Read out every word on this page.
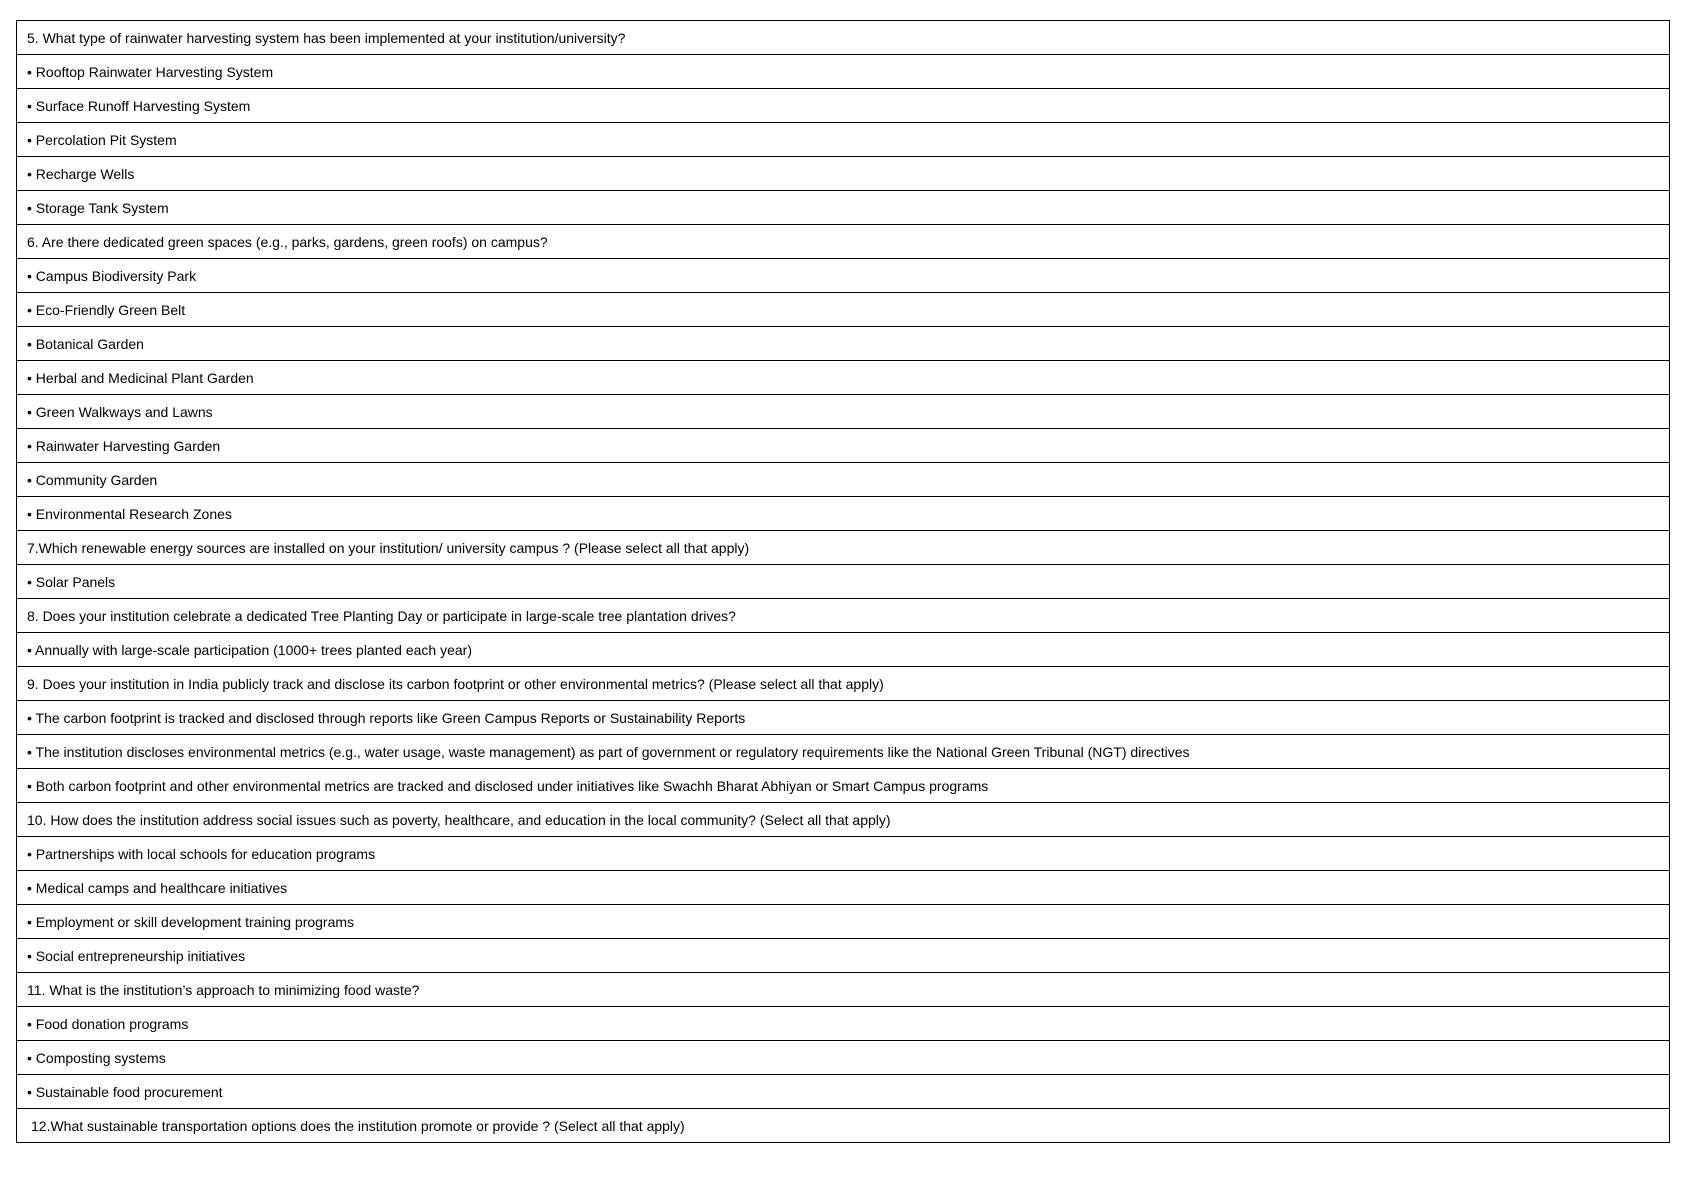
5. What type of rainwater harvesting system has been implemented at your institution/university?
• Rooftop Rainwater Harvesting System
• Surface Runoff Harvesting System
• Percolation Pit System
• Recharge Wells
• Storage Tank System
6. Are there dedicated green spaces (e.g., parks, gardens, green roofs) on campus?
• Campus Biodiversity Park
• Eco-Friendly Green Belt
• Botanical Garden
• Herbal and Medicinal Plant Garden
• Green Walkways and Lawns
• Rainwater Harvesting Garden
• Community Garden
• Environmental Research Zones
7.Which renewable energy sources are installed on your institution/ university campus ? (Please select all that apply)
• Solar Panels
8. Does your institution celebrate a dedicated Tree Planting Day or participate in large-scale tree plantation drives?
• Annually with large-scale participation (1000+ trees planted each year)
9. Does your institution in India publicly track and disclose its carbon footprint or other environmental metrics? (Please select all that apply)
• The carbon footprint is tracked and disclosed through reports like Green Campus Reports or Sustainability Reports
• The institution discloses environmental metrics (e.g., water usage, waste management) as part of government or regulatory requirements like the National Green Tribunal (NGT) directives
• Both carbon footprint and other environmental metrics are tracked and disclosed under initiatives like Swachh Bharat Abhiyan or Smart Campus programs
10. How does the institution address social issues such as poverty, healthcare, and education in the local community? (Select all that apply)
• Partnerships with local schools for education programs
• Medical camps and healthcare initiatives
• Employment or skill development training programs
• Social entrepreneurship initiatives
11. What is the institution’s approach to minimizing food waste?
• Food donation programs
• Composting systems
• Sustainable food procurement
12.What sustainable transportation options does the institution promote or provide ? (Select all that apply)
